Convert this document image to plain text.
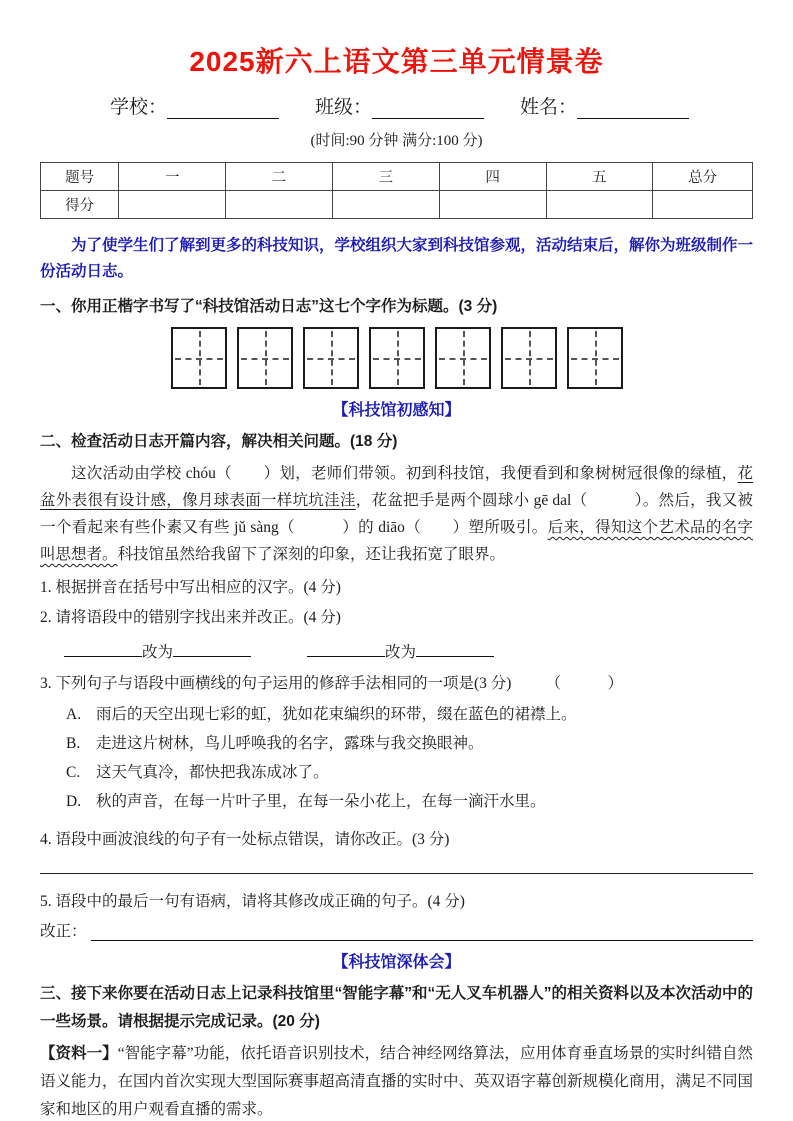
2025新六上语文第三单元情景卷
学校：	班级：	姓名：
(时间:90 分钟 满分:100 分)
题号	一	二	三	四	五	总分
得分						
为了使学生们了解到更多的科技知识，学校组织大家到科技馆参观，活动结束后，解你为班级制作一份活动日志。
一、你用正楷字书写了“科技馆活动日志”这七个字作为标题。(3 分)
【科技馆初感知】
二、检查活动日志开篇内容，解决相关问题。(18 分)

这次活动由学校 chóu（　　）划，老师们带领。初到科技馆，我便看到和象树树冠很像的绿植，花盆外表很有设计感，像月球表面一样坑坑洼洼，花盆把手是两个圆球小 gē dal（　　　）。然后，我又被一个看起来有些仆素又有些 jǔ sàng（　　　）的 diāo（　　）塑所吸引。后来，得知这个艺术品的名字叫思想者。科技馆虽然给我留下了深刻的印象，还让我拓宽了眼界。

1. 根据拼音在括号中写出相应的汉字。(4 分)
2. 请将语段中的错别字找出来并改正。(4 分)
改为	改为
3. 下列句子与语段中画横线的句子运用的修辞手法相同的一项是(3 分) （　　　）
A. 雨后的天空出现七彩的虹，犹如花束编织的环带，缀在蓝色的裙襟上。
B.	走进这片树林，鸟儿呼唤我的名字，露珠与我交换眼神。
C.	这天气真冷，都快把我冻成冰了。
D. 秋的声音，在每一片叶子里，在每一朵小花上，在每一滴汗水里。
4. 语段中画波浪线的句子有一处标点错误，请你改正。(3 分)
5. 语段中的最后一句有语病，请将其修改成正确的句子。(4 分)
改正：
【科技馆深体会】
三、接下来你要在活动日志上记录科技馆里“智能字幕”和“无人叉车机器人”的相关资料以及本次活动中的一些场景。请根据提示完成记录。(20 分)

【资料一】“智能字幕”功能，依托语音识别技术，结合神经网络算法，应用体育垂直场景的实时纠错自然语义能力，在国内首次实现大型国际赛事超高清直播的实时中、英双语字幕创新规模化商用，满足不同国家和地区的用户观看直播的需求。
